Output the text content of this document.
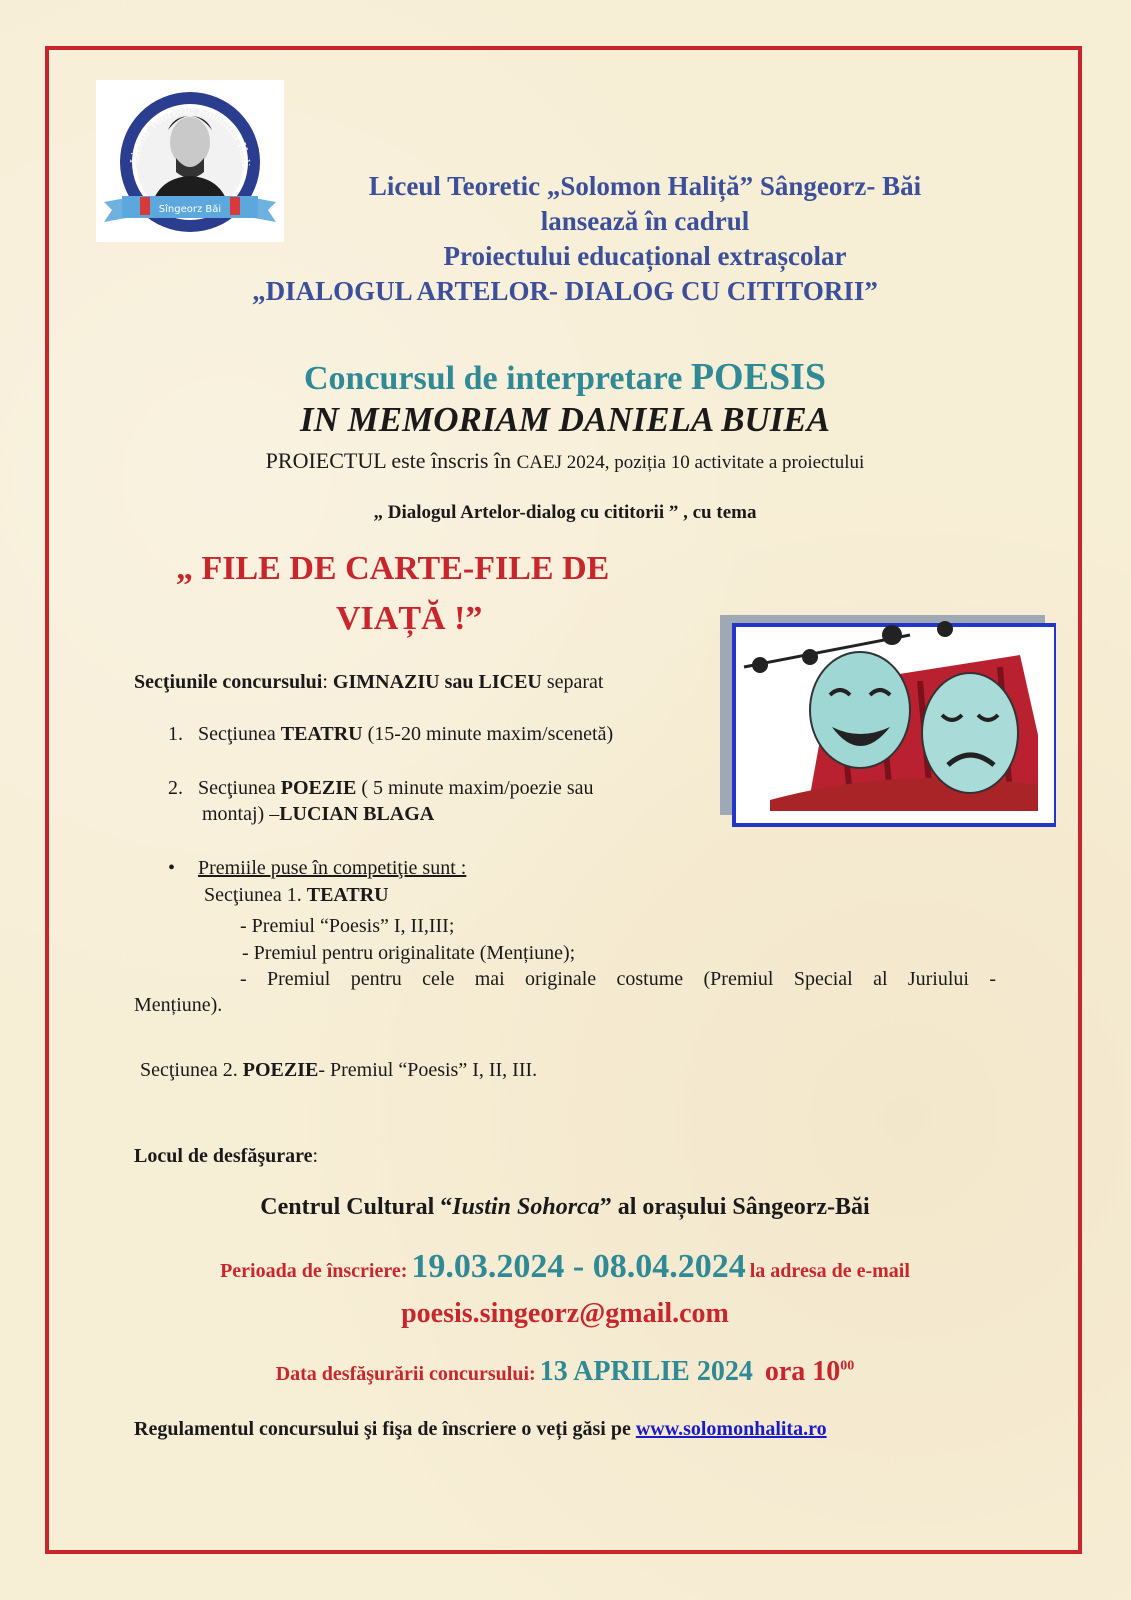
Liceul Teoretic Solomon Hali
Sîngeorz Băi
Liceul Teoretic „Solomon Haliță” Sângeorz- Băi
lansează în cadrul
Proiectului educațional extrașcolar
„DIALOGUL ARTELOR- DIALOG CU CITITORII”
Concursul de interpretare POESIS
IN MEMORIAM DANIELA BUIEA
PROIECTUL este înscris în CAEJ 2024, poziția 10 activitate a proiectului
„ Dialogul Artelor-dialog cu cititorii ” , cu tema
„ FILE DE CARTE-FILE DE
VIAȚĂ !”
Secţiunile concursului: GIMNAZIU sau LICEU separat
1. Secţiunea TEATRU (15-20 minute maxim/scenetă)
2. Secţiunea POEZIE ( 5 minute maxim/poezie sau
montaj) –LUCIAN BLAGA
• Premiile puse în competiţie sunt :
Secţiunea 1. TEATRU
- Premiul “Poesis” I, II,III;
- Premiul pentru originalitate (Mențiune);
- Premiul pentru cele mai originale costume (Premiul Special al Juriului -
Mențiune).
Secţiunea 2. POEZIE- Premiul “Poesis” I, II, III.
Locul de desfăşurare:
Centrul Cultural “Iustin Sohorca” al orașului Sângeorz-Băi
Perioada de înscriere: 19.03.2024 - 08.04.2024 la adresa de e-mail
poesis.singeorz@gmail.com
Data desfăşurării concursului: 13 APRILIE 2024 ora $10^{00}$
Regulamentul concursului şi fişa de înscriere o veți găsi pe www.solomonhalita.ro
